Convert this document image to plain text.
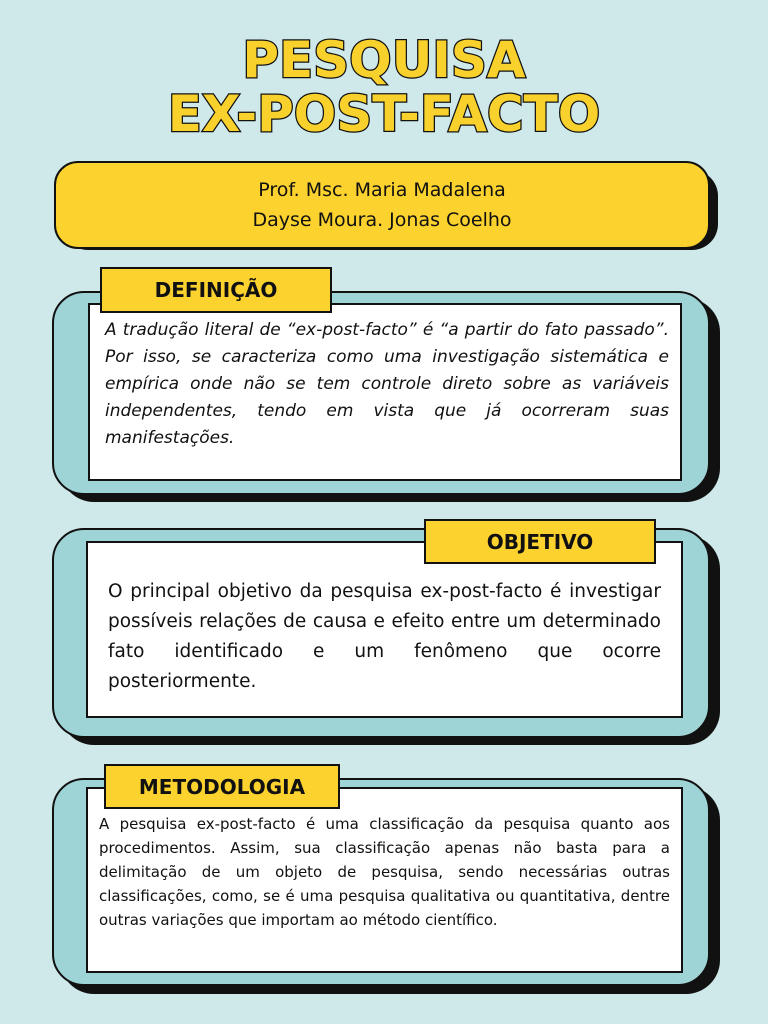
PESQUISA
EX-POST-FACTO
Prof. Msc. Maria Madalena
Dayse Moura. Jonas Coelho
DEFINIÇÃO
A tradução literal de “ex-post-facto” é “a partir do fato passado”. Por isso, se caracteriza como uma investigação sistemática e empírica onde não se tem controle direto sobre as variáveis independentes, tendo em vista que já ocorreram suas manifestações.
OBJETIVO
O principal objetivo da pesquisa ex-post-facto é investigar possíveis relações de causa e efeito entre um determinado fato identificado e um fenômeno que ocorre posteriormente.
METODOLOGIA
A pesquisa ex-post-facto é uma classificação da pesquisa quanto aos procedimentos. Assim, sua classificação apenas não basta para a delimitação de um objeto de pesquisa, sendo necessárias outras classificações, como, se é uma pesquisa qualitativa ou quantitativa, dentre outras variações que importam ao método científico.
